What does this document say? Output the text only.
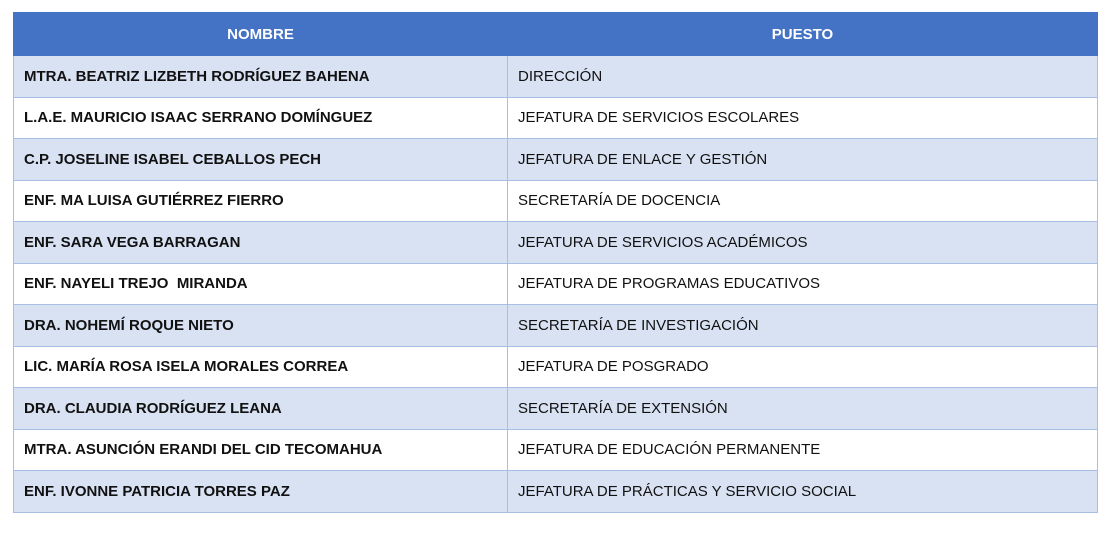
NOMBRE	PUESTO
MTRA. BEATRIZ LIZBETH RODRÍGUEZ BAHENA	DIRECCIÓN
L.A.E. MAURICIO ISAAC SERRANO DOMÍNGUEZ	JEFATURA DE SERVICIOS ESCOLARES
C.P. JOSELINE ISABEL CEBALLOS PECH	JEFATURA DE ENLACE Y GESTIÓN
ENF. MA LUISA GUTIÉRREZ FIERRO	SECRETARÍA DE DOCENCIA
ENF. SARA VEGA BARRAGAN	JEFATURA DE SERVICIOS ACADÉMICOS
ENF. NAYELI TREJO  MIRANDA	JEFATURA DE PROGRAMAS EDUCATIVOS
DRA. NOHEMÍ ROQUE NIETO	SECRETARÍA DE INVESTIGACIÓN
LIC. MARÍA ROSA ISELA MORALES CORREA	JEFATURA DE POSGRADO
DRA. CLAUDIA RODRÍGUEZ LEANA	SECRETARÍA DE EXTENSIÓN
MTRA. ASUNCIÓN ERANDI DEL CID TECOMAHUA	JEFATURA DE EDUCACIÓN PERMANENTE
ENF. IVONNE PATRICIA TORRES PAZ	JEFATURA DE PRÁCTICAS Y SERVICIO SOCIAL
